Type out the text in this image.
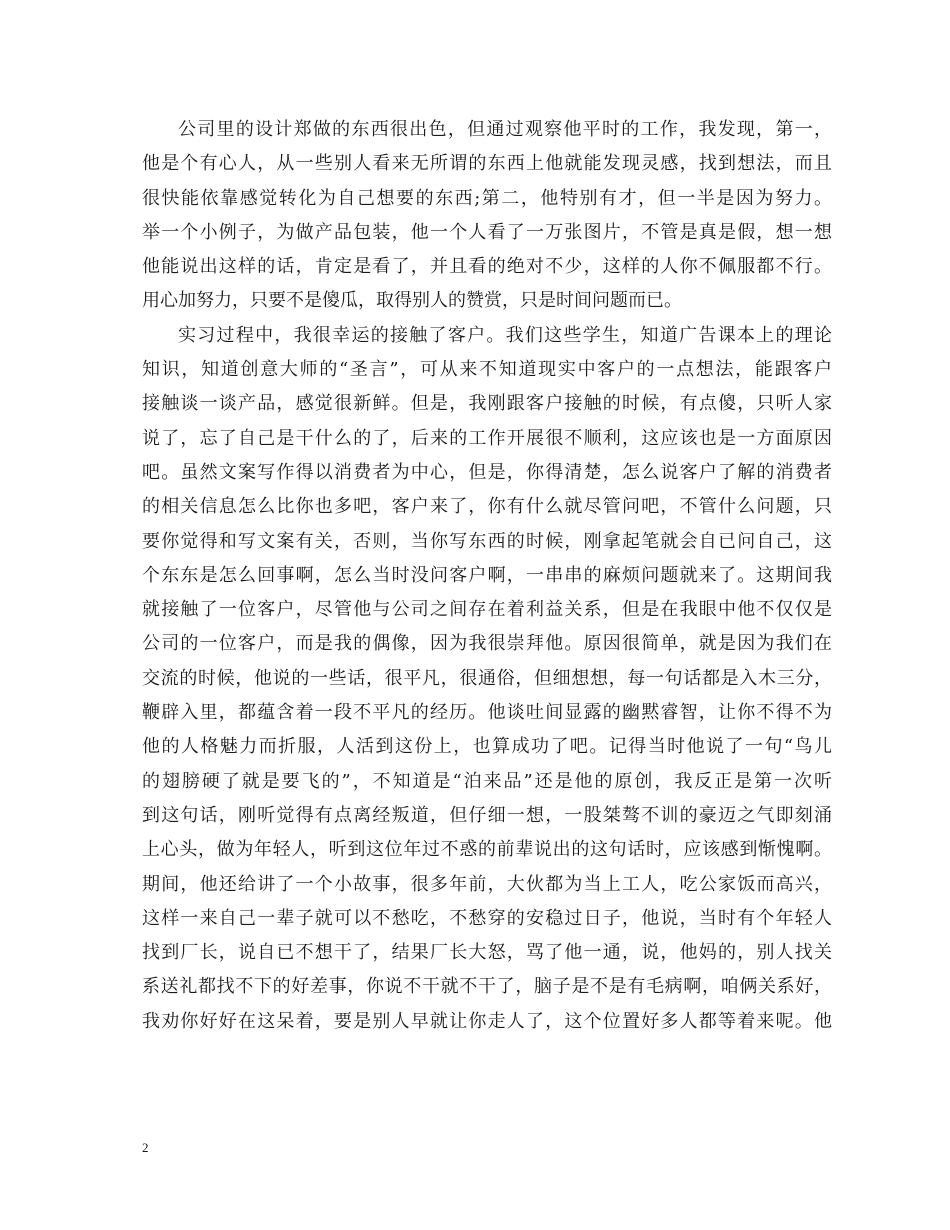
公司里的设计郑做的东西很出色，但通过观察他平时的工作，我发现，第一，
他是个有心人，从一些别人看来无所谓的东西上他就能发现灵感，找到想法，而且
很快能依靠感觉转化为自己想要的东西;第二，他特别有才，但一半是因为努力。
举一个小例子，为做产品包装，他一个人看了一万张图片，不管是真是假，想一想
他能说出这样的话，肯定是看了，并且看的绝对不少，这样的人你不佩服都不行。
用心加努力，只要不是傻瓜，取得别人的赞赏，只是时间问题而已。
实习过程中，我很幸运的接触了客户。我们这些学生，知道广告课本上的理论
知识，知道创意大师的“圣言”，可从来不知道现实中客户的一点想法，能跟客户
接触谈一谈产品，感觉很新鲜。但是，我刚跟客户接触的时候，有点傻，只听人家
说了，忘了自己是干什么的了，后来的工作开展很不顺利，这应该也是一方面原因
吧。虽然文案写作得以消费者为中心，但是，你得清楚，怎么说客户了解的消费者
的相关信息怎么比你也多吧，客户来了，你有什么就尽管问吧，不管什么问题，只
要你觉得和写文案有关，否则，当你写东西的时候，刚拿起笔就会自已问自己，这
个东东是怎么回事啊，怎么当时没问客户啊，一串串的麻烦问题就来了。这期间我
就接触了一位客户，尽管他与公司之间存在着利益关系，但是在我眼中他不仅仅是
公司的一位客户，而是我的偶像，因为我很崇拜他。原因很简单，就是因为我们在
交流的时候，他说的一些话，很平凡，很通俗，但细想想，每一句话都是入木三分，
鞭辟入里，都蕴含着一段不平凡的经历。他谈吐间显露的幽黙睿智，让你不得不为
他的人格魅力而折服，人活到这份上，也算成功了吧。记得当时他说了一句“鸟儿
的翅膀硬了就是要飞的”，不知道是“泊来品”还是他的原创，我反正是第一次听
到这句话，刚听觉得有点离经叛道，但仔细一想，一股桀骜不训的豪迈之气即刻涌
上心头，做为年轻人，听到这位年过不惑的前辈说出的这句话时，应该感到惭愧啊。
期间，他还给讲了一个小故事，很多年前，大伙都为当上工人，吃公家饭而高兴，
这样一来自己一辈子就可以不愁吃，不愁穿的安稳过日子，他说，当时有个年轻人
找到厂长，说自已不想干了，结果厂长大怒，骂了他一通，说，他妈的，别人找关
系送礼都找不下的好差事，你说不干就不干了，脑子是不是有毛病啊，咱俩关系好，
我劝你好好在这呆着，要是别人早就让你走人了，这个位置好多人都等着来呢。他
2
